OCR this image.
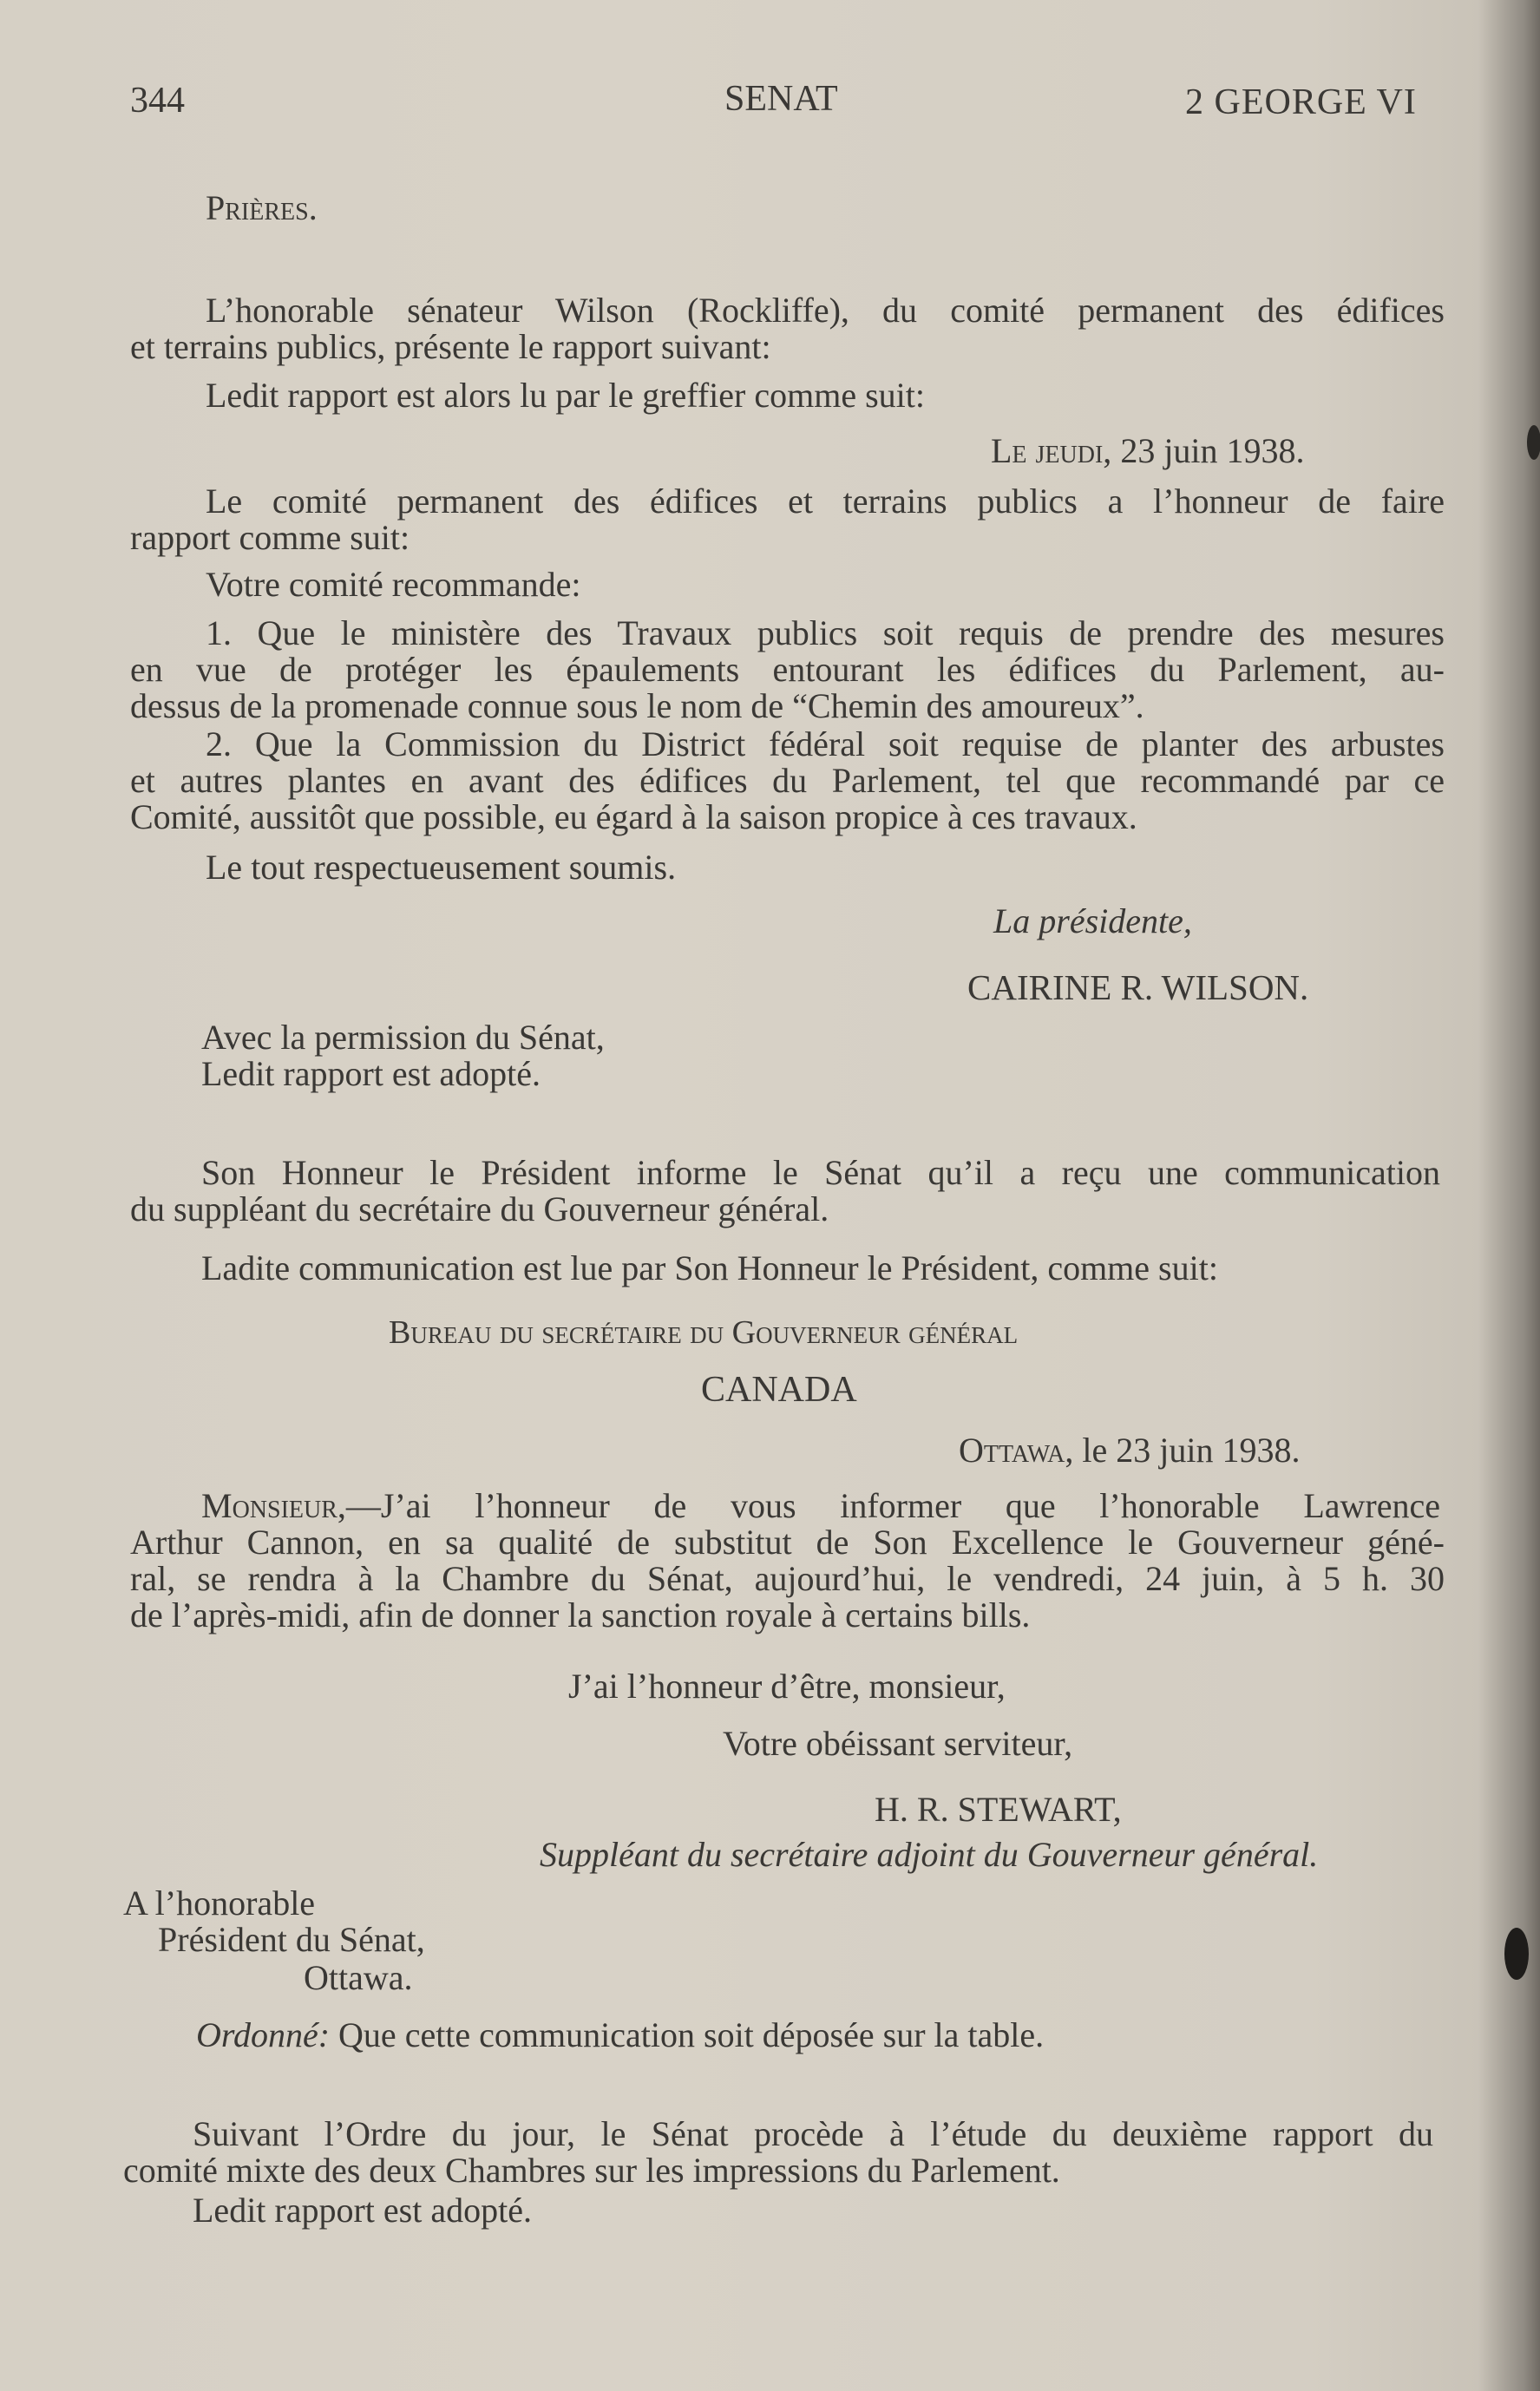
344	SENAT	2 GEORGE VI
Prières.
L’honorable sénateur Wilson (Rockliffe), du comité permanent des édifices
et terrains publics, présente le rapport suivant:
Ledit rapport est alors lu par le greffier comme suit:
Le jeudi, 23 juin 1938.
Le comité permanent des édifices et terrains publics a l’honneur de faire
rapport comme suit:
Votre comité recommande:
1. Que le ministère des Travaux publics soit requis de prendre des mesures
en vue de protéger les épaulements entourant les édifices du Parlement, au-
dessus de la promenade connue sous le nom de “Chemin des amoureux”.
2. Que la Commission du District fédéral soit requise de planter des arbustes
et autres plantes en avant des édifices du Parlement, tel que recommandé par ce
Comité, aussitôt que possible, eu égard à la saison propice à ces travaux.
Le tout respectueusement soumis.
La présidente,
CAIRINE R. WILSON.
Avec la permission du Sénat,
Ledit rapport est adopté.
Son Honneur le Président informe le Sénat qu’il a reçu une communication
du suppléant du secrétaire du Gouverneur général.
Ladite communication est lue par Son Honneur le Président, comme suit:
Bureau du secrétaire du Gouverneur général
CANADA
Ottawa, le 23 juin 1938.
Monsieur,—J’ai l’honneur de vous informer que l’honorable Lawrence
Arthur Cannon, en sa qualité de substitut de Son Excellence le Gouverneur géné-
ral, se rendra à la Chambre du Sénat, aujourd’hui, le vendredi, 24 juin, à 5 h. 30
de l’après-midi, afin de donner la sanction royale à certains bills.
J’ai l’honneur d’être, monsieur,
Votre obéissant serviteur,
H. R. STEWART,
Suppléant du secrétaire adjoint du Gouverneur général.
A l’honorable
Président du Sénat,
Ottawa.
Ordonné: Que cette communication soit déposée sur la table.
Suivant l’Ordre du jour, le Sénat procède à l’étude du deuxième rapport du
comité mixte des deux Chambres sur les impressions du Parlement.
Ledit rapport est adopté.
